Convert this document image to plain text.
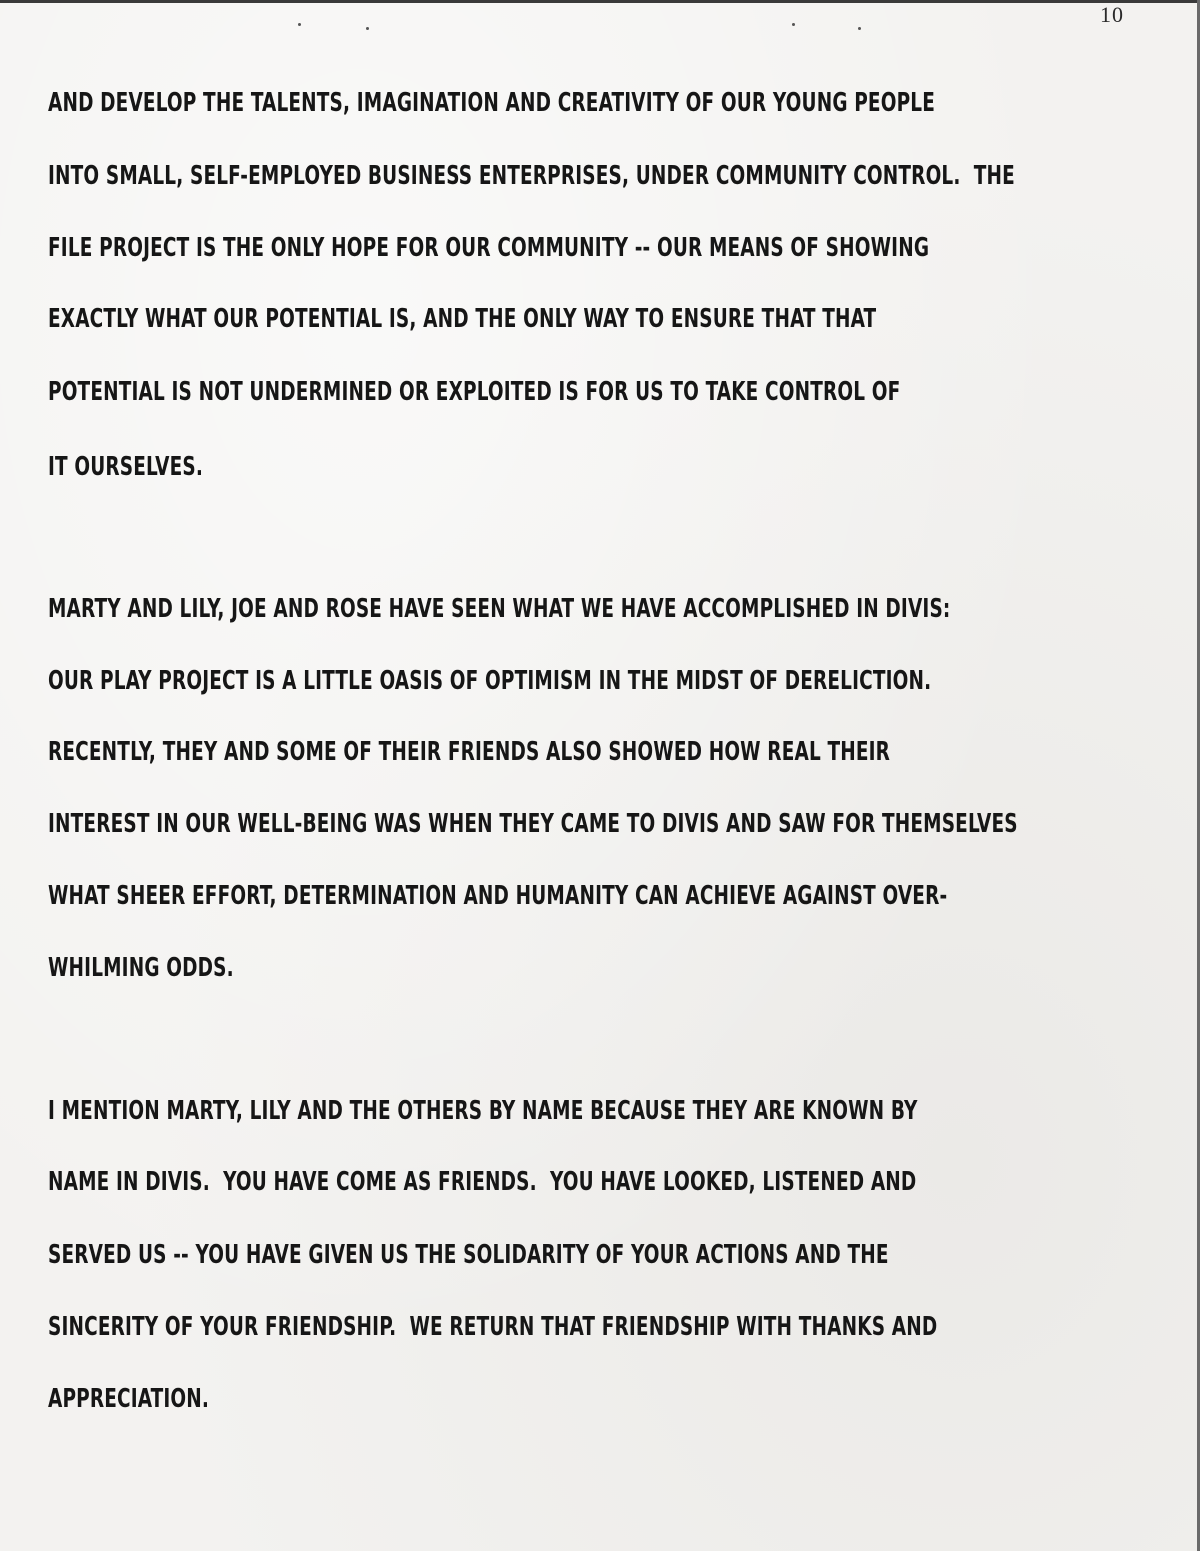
10
AND DEVELOP THE TALENTS, IMAGINATION AND CREATIVITY OF OUR YOUNG PEOPLE
INTO SMALL, SELF-EMPLOYED BUSINESS ENTERPRISES, UNDER COMMUNITY CONTROL.  THE
FILE PROJECT IS THE ONLY HOPE FOR OUR COMMUNITY -- OUR MEANS OF SHOWING
EXACTLY WHAT OUR POTENTIAL IS, AND THE ONLY WAY TO ENSURE THAT THAT
POTENTIAL IS NOT UNDERMINED OR EXPLOITED IS FOR US TO TAKE CONTROL OF
IT OURSELVES.
MARTY AND LILY, JOE AND ROSE HAVE SEEN WHAT WE HAVE ACCOMPLISHED IN DIVIS:
OUR PLAY PROJECT IS A LITTLE OASIS OF OPTIMISM IN THE MIDST OF DERELICTION.
RECENTLY, THEY AND SOME OF THEIR FRIENDS ALSO SHOWED HOW REAL THEIR
INTEREST IN OUR WELL-BEING WAS WHEN THEY CAME TO DIVIS AND SAW FOR THEMSELVES
WHAT SHEER EFFORT, DETERMINATION AND HUMANITY CAN ACHIEVE AGAINST OVER-
WHILMING ODDS.
I MENTION MARTY, LILY AND THE OTHERS BY NAME BECAUSE THEY ARE KNOWN BY
NAME IN DIVIS.  YOU HAVE COME AS FRIENDS.  YOU HAVE LOOKED, LISTENED AND
SERVED US -- YOU HAVE GIVEN US THE SOLIDARITY OF YOUR ACTIONS AND THE
SINCERITY OF YOUR FRIENDSHIP.  WE RETURN THAT FRIENDSHIP WITH THANKS AND
APPRECIATION.
